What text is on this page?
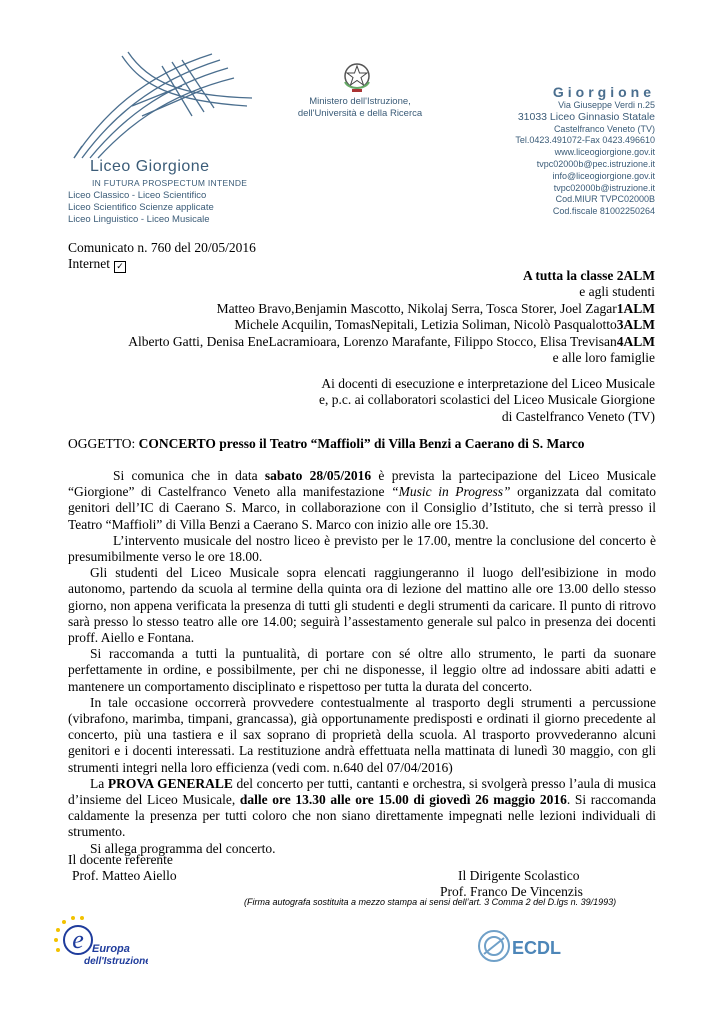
Liceo Giorgione
IN FUTURA PROSPECTUM INTENDE
Liceo Classico - Liceo Scientifico
Liceo Scientifico Scienze applicate
Liceo Linguistico - Liceo Musicale
Ministero dell'Istruzione,
dell'Università e della Ricerca
Giorgione
Via Giuseppe Verdi n.25
31033 Liceo Ginnasio Statale
Castelfranco Veneto (TV)
Tel.0423.491072-Fax 0423.496610
www.liceogiorgione.gov.it
tvpc02000b@pec.istruzione.it
info@liceogiorgione.gov.it
tvpc02000b@istruzione.it
Cod.MIUR TVPC02000B
Cod.fiscale 81002250264
Comunicato n. 760 del 20/05/2016
Internet ✓
A tutta la classe 2ALM
e agli studenti
Matteo Bravo,Benjamin Mascotto, Nikolaj Serra, Tosca Storer, Joel Zagar1ALM
Michele Acquilin, TomasNepitali, Letizia Soliman, Nicolò Pasqualotto3ALM
Alberto Gatti, Denisa EneLacramioara, Lorenzo Marafante, Filippo Stocco, Elisa Trevisan4ALM
e alle loro famiglie
Ai docenti di esecuzione e interpretazione del Liceo Musicale
e, p.c. ai collaboratori scolastici del Liceo Musicale Giorgione
di Castelfranco Veneto (TV)
OGGETTO: CONCERTO presso il Teatro “Maffioli” di Villa Benzi a Caerano di S. Marco

Si comunica che in data sabato 28/05/2016 è prevista la partecipazione del Liceo Musicale “Giorgione” di Castelfranco Veneto alla manifestazione “Music in Progress” organizzata dal comitato genitori dell’IC di Caerano S. Marco, in collaborazione con il Consiglio d’Istituto, che si terrà presso il Teatro “Maffioli” di Villa Benzi a Caerano S. Marco con inizio alle ore 15.30.

L’intervento musicale del nostro liceo è previsto per le 17.00, mentre la conclusione del concerto è presumibilmente verso le ore 18.00.

Gli studenti del Liceo Musicale sopra elencati raggiungeranno il luogo dell'esibizione in modo autonomo, partendo da scuola al termine della quinta ora di lezione del mattino alle ore 13.00 dello stesso giorno, non appena verificata la presenza di tutti gli studenti e degli strumenti da caricare. Il punto di ritrovo sarà presso lo stesso teatro alle ore 14.00; seguirà l’assestamento generale sul palco in presenza dei docenti proff. Aiello e Fontana.

Si raccomanda a tutti la puntualità, di portare con sé oltre allo strumento, le parti da suonare perfettamente in ordine, e possibilmente, per chi ne disponesse, il leggio oltre ad indossare abiti adatti e mantenere un comportamento disciplinato e rispettoso per tutta la durata del concerto.

In tale occasione occorrerà provvedere contestualmente al trasporto degli strumenti a percussione (vibrafono, marimba, timpani, grancassa), già opportunamente predisposti e ordinati il giorno precedente al concerto, più una tastiera e il sax soprano di proprietà della scuola. Al trasporto provvederanno alcuni genitori e i docenti interessati. La restituzione andrà effettuata nella mattinata di lunedì 30 maggio, con gli strumenti integri nella loro efficienza (vedi com. n.640 del 07/04/2016)

La PROVA GENERALE del concerto per tutti, cantanti e orchestra, si svolgerà presso l’aula di musica d’insieme del Liceo Musicale, dalle ore 13.30 alle ore 15.00 di giovedì 26 maggio 2016. Si raccomanda caldamente la presenza per tutti coloro che non siano direttamente impegnati nelle lezioni individuali di strumento.

Si allega programma del concerto.

Il docente referente
Prof. Matteo Aiello	Il Dirigente Scolastico
Prof. Franco De Vincenzis
(Firma autografa sostituita a mezzo stampa ai sensi dell’art. 3 Comma 2 del D.lgs n. 39/1993)
e Europa
dell'Istruzione
ECDL
